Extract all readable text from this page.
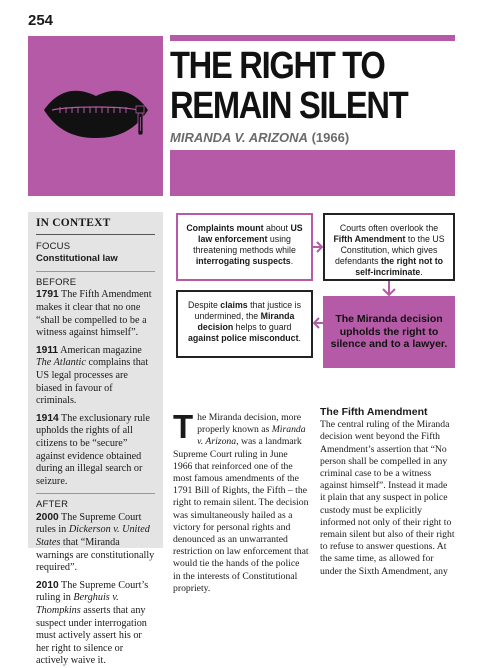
254
THE RIGHT TO
REMAIN SILENT
MIRANDA V. ARIZONA (1966)
IN CONTEXT
FOCUS
Constitutional law
BEFORE

1791 The Fifth Amendment makes it clear that no one “shall be compelled to be a witness against himself”.

1911 American magazine The Atlantic complains that US legal processes are biased in favour of criminals.

1914 The exclusionary rule upholds the rights of all citizens to be “secure” against evidence obtained during an illegal search or seizure.

AFTER

2000 The Supreme Court rules in Dickerson v. United States that “Miranda warnings are constitutionally required”.

2010 The Supreme Court’s ruling in Berghuis v. Thompkins asserts that any suspect under interrogation must actively assert his or her right to silence or actively waive it.

Complaints mount about US law enforcement using threatening methods while interrogating suspects.
Courts often overlook the Fifth Amendment to the US Constitution, which gives defendants the right not to self-incriminate.
The Miranda decision upholds the right to silence and to a lawyer.
Despite claims that justice is undermined, the Miranda decision helps to guard against police misconduct.
The Miranda decision, more properly known as Miranda v. Arizona, was a landmark Supreme Court ruling in June 1966 that reinforced one of the most famous amendments of the 1791 Bill of Rights, the Fifth – the right to remain silent. The decision was simultaneously hailed as a victory for personal rights and denounced as an unwarranted restriction on law enforcement that would tie the hands of the police in the interests of Constitutional propriety.
The Fifth Amendment
The central ruling of the Miranda decision went beyond the Fifth Amendment’s assertion that “No person shall be compelled in any criminal case to be a witness against himself”. Instead it made it plain that any suspect in police custody must be explicitly informed not only of their right to remain silent but also of their right to refuse to answer questions. At the same time, as allowed for under the Sixth Amendment, any
